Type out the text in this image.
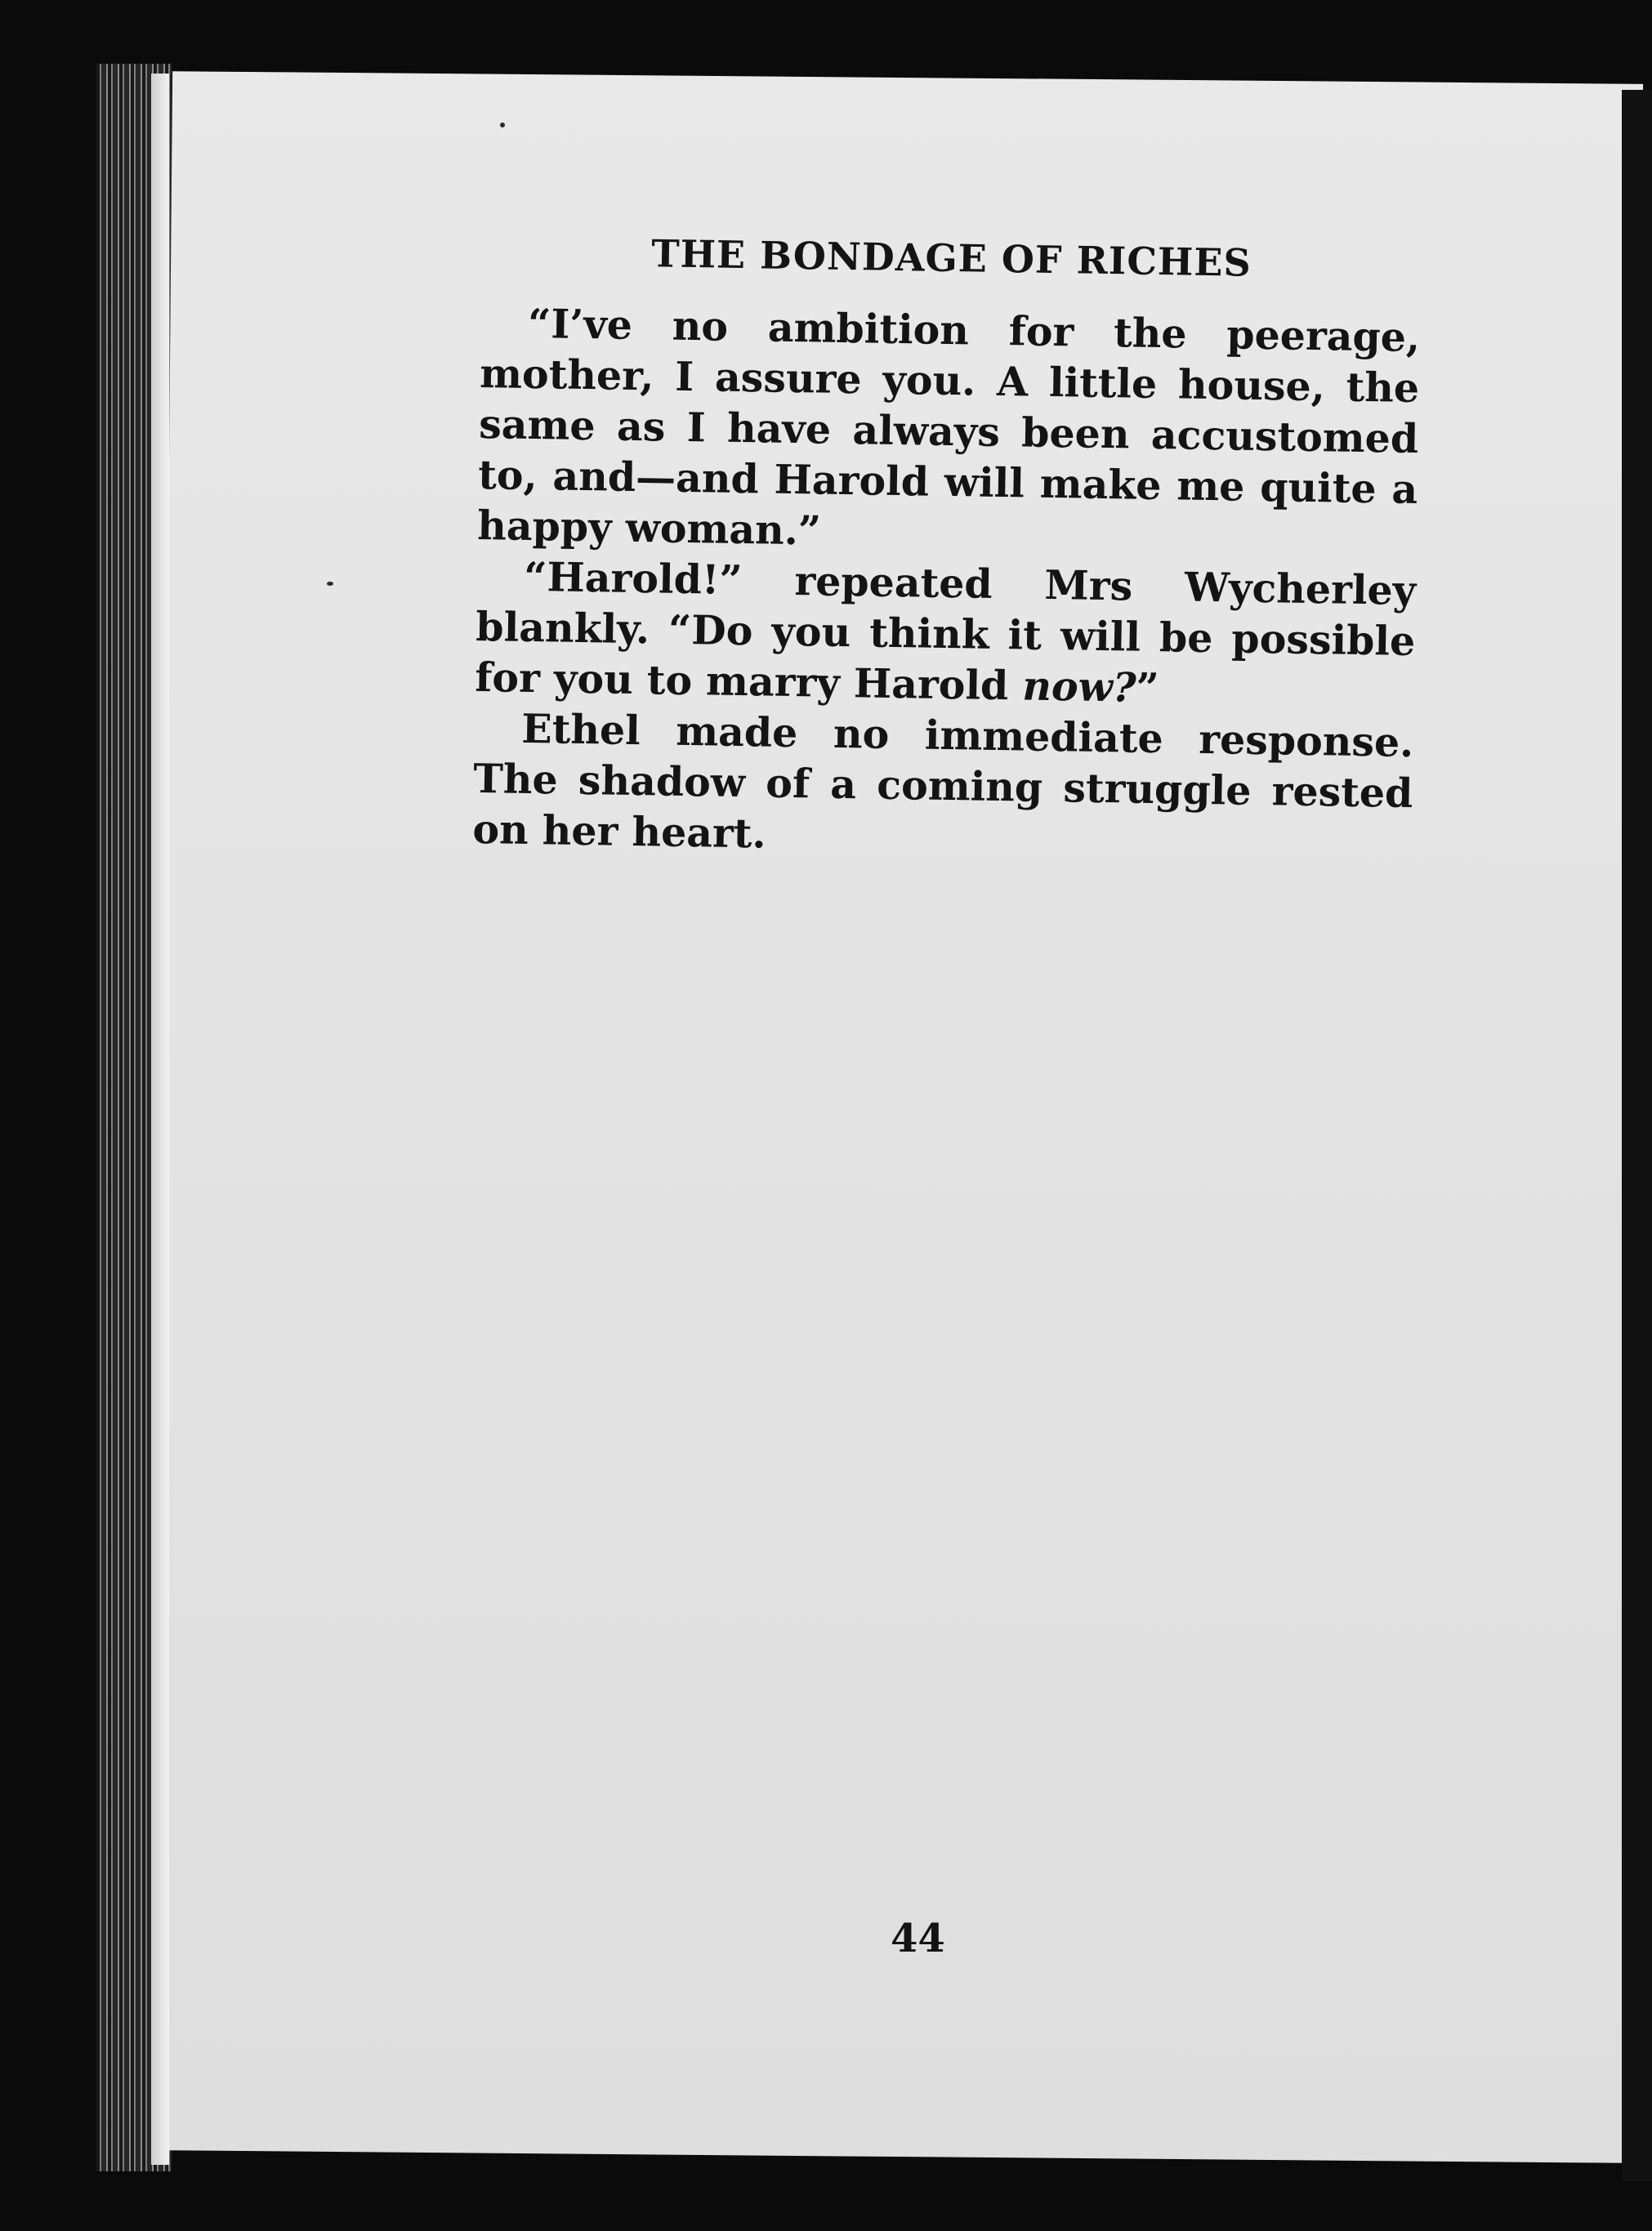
THE BONDAGE OF RICHES

“I’ve no ambition for the peerage, mother, I assure you. A little house, the same as I have always been accustomed to, and—and Harold will make me quite a happy woman.”

“Harold!” repeated Mrs Wycherley blankly. “Do you think it will be possible for you to marry Harold now?”

Ethel made no immediate response. The shadow of a coming struggle rested on her heart.

44
